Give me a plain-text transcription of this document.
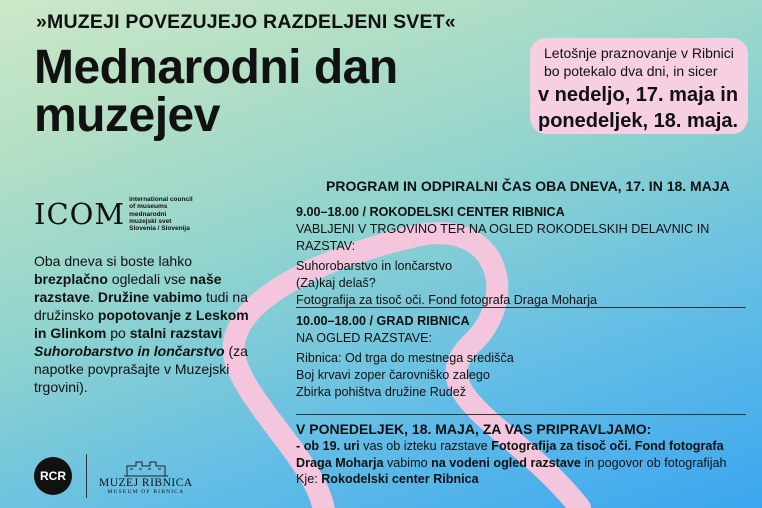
»MUZEJI POVEZUJEJO RAZDELJENI SVET«
Mednarodni dan
muzejev
Letošnje praznovanje v Ribnici
bo potekalo dva dni, in sicer
v nedeljo, 17. maja in
ponedeljek, 18. maja.
ICOM international council
of museums
mednarodni
muzejski svet
Slovenia / Slovenija
Oba dneva si boste lahko brezplačno ogledali vse naše razstave. Družine vabimo tudi na družinsko popotovanje z Leskom in Glinkom po stalni razstavi Suhorobarstvo in lončarstvo (za napotke povprašajte v Muzejski trgovini).
PROGRAM IN ODPIRALNI ČAS OBA DNEVA, 17. IN 18. MAJA
9.00–18.00 / ROKODELSKI CENTER RIBNICA
VABLJENI V TRGOVINO TER NA OGLED ROKODELSKIH DELAVNIC IN RAZSTAV:
Suhorobarstvo in lončarstvo
(Za)kaj delaš?
Fotografija za tisoč oči. Fond fotografa Draga Moharja
10.00–18.00 / GRAD RIBNICA
NA OGLED RAZSTAVE:
Ribnica: Od trga do mestnega središča
Boj krvavi zoper čarovniško zalego
Zbirka pohištva družine Rudež
V PONEDELJEK, 18. MAJA, ZA VAS PRIPRAVLJAMO:
- ob 19. uri vas ob izteku razstave Fotografija za tisoč oči. Fond fotografa Draga Moharja vabimo na vodeni ogled razstave in pogovor ob fotografijah
Kje: Rokodelski center Ribnica
RCR	MUZEJ RIBNICA
MUSEUM OF RIBNICA
